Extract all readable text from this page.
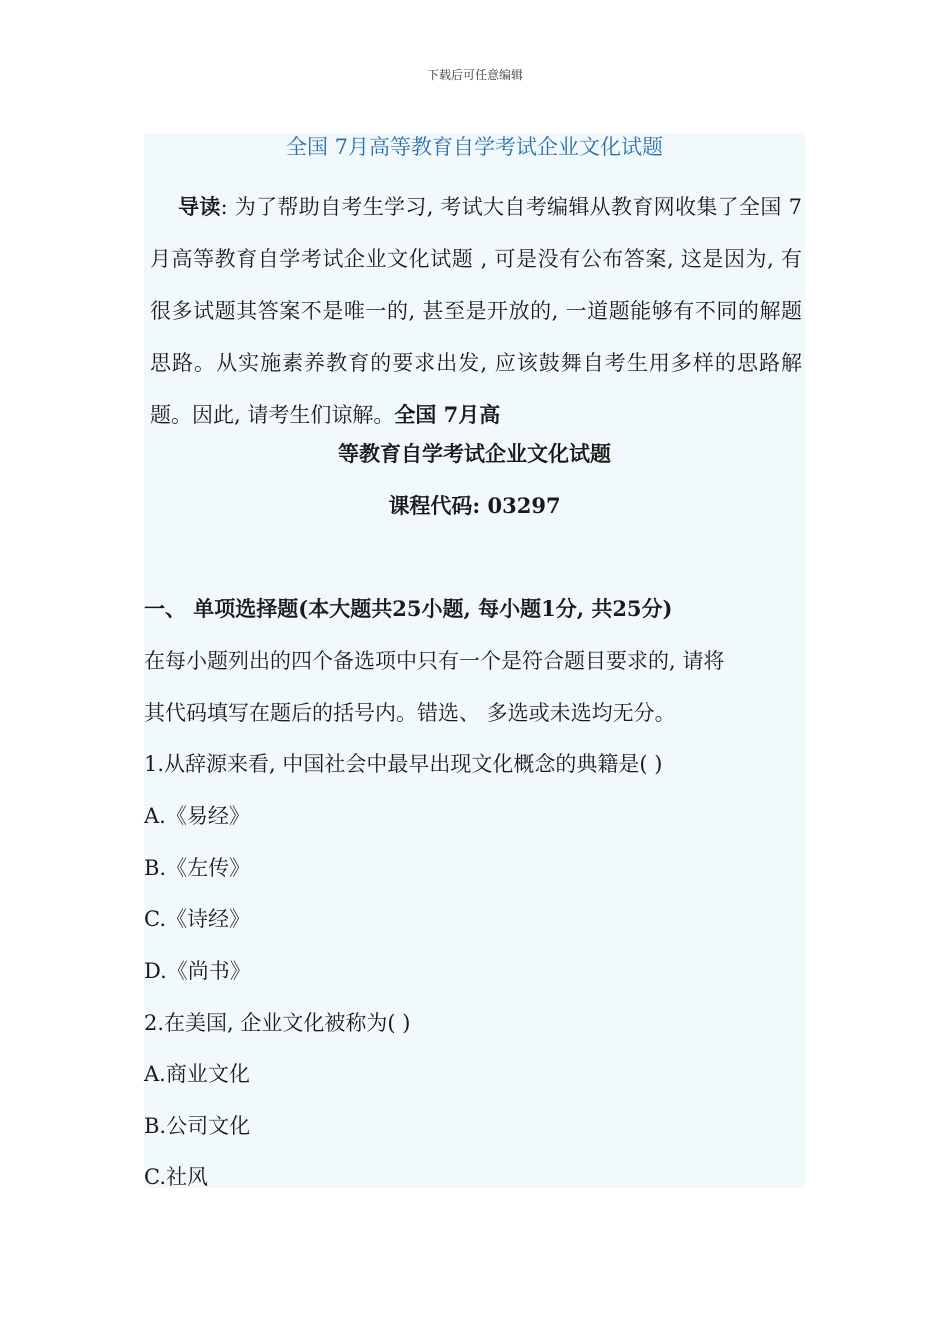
下载后可任意编辑
全国 7月高等教育自学考试企业文化试题
导读: 为了帮助自考生学习, 考试大自考编辑从教育网收集了全国 7月高等教育自学考试企业文化试题 , 可是没有公布答案, 这是因为, 有很多试题其答案不是唯一的, 甚至是开放的, 一道题能够有不同的解题思路。从实施素养教育的要求出发, 应该鼓舞自考生用多样的思路解题。因此, 请考生们谅解。全国 7月高
等教育自学考试企业文化试题
课程代码: 03297
一、 单项选择题(本大题共25小题, 每小题1分, 共25分)
在每小题列出的四个备选项中只有一个是符合题目要求的, 请将
其代码填写在题后的括号内。错选、 多选或未选均无分。
1.从辞源来看, 中国社会中最早出现文化概念的典籍是( )
A.《易经》
B.《左传》
C.《诗经》
D.《尚书》
2.在美国, 企业文化被称为( )
A.商业文化
B.公司文化
C.社风
